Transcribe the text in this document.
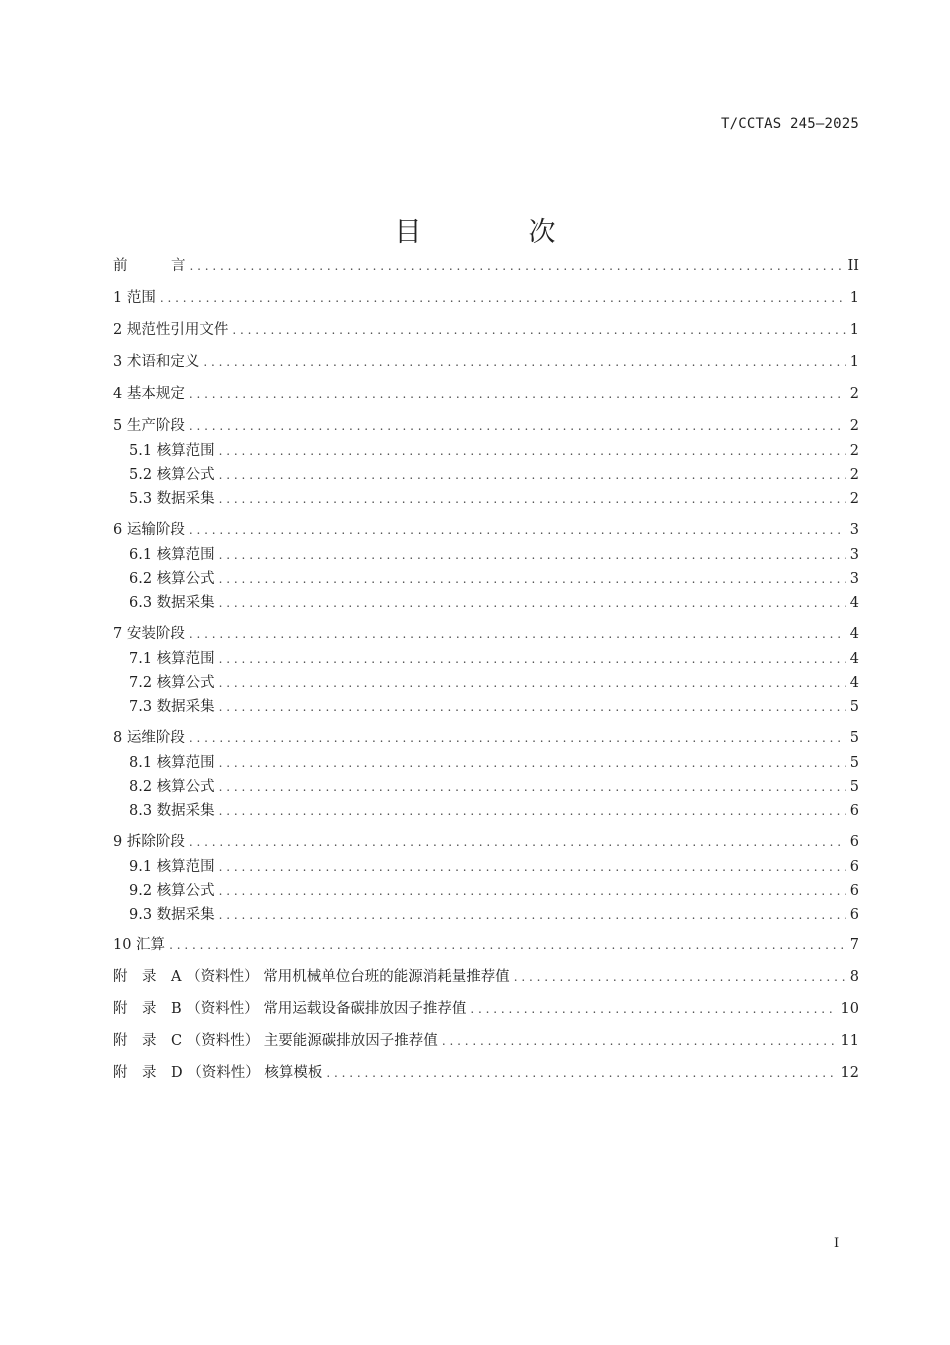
T/CCTAS 245—2025
目　次
前　　　言 . . .	II
1 范围 . . .	1
2 规范性引用文件 . . .	1
3 术语和定义 . . .	1
4 基本规定 . . .	2
5 生产阶段 . . .	2
5.1 核算范围 . . .	2
5.2 核算公式 . . .	2
5.3 数据采集 . . .	2
6 运输阶段 . . .	3
6.1 核算范围 . . .	3
6.2 核算公式 . . .	3
6.3 数据采集 . . .	4
7 安装阶段 . . .	4
7.1 核算范围 . . .	4
7.2 核算公式 . . .	4
7.3 数据采集 . . .	5
8 运维阶段 . . .	5
8.1 核算范围 . . .	5
8.2 核算公式 . . .	5
8.3 数据采集 . . .	6
9 拆除阶段 . . .	6
9.1 核算范围 . . .	6
9.2 核算公式 . . .	6
9.3 数据采集 . . .	6
10 汇算 . . .	7
附　录　A （资料性） 常用机械单位台班的能源消耗量推荐值 . . .	8
附　录　B （资料性） 常用运载设备碳排放因子推荐值 . . .	10
附　录　C （资料性） 主要能源碳排放因子推荐值 . . .	11
附　录　D （资料性） 核算模板 . . .	12
I
